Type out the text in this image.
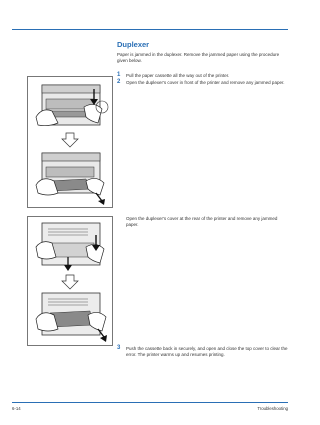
Duplexer
Paper is jammed in the duplexer. Remove the jammed paper using the procedure given below.
1 Pull the paper cassette all the way out of the printer.
2 Open the duplexer's cover in front of the printer and remove any jammed paper.
Open the duplexer's cover at the rear of the printer and remove any jammed paper.
3 Push the cassette back in securely, and open and close the top cover to clear the error. The printer warms up and resumes printing.
6-14	Troubleshooting
